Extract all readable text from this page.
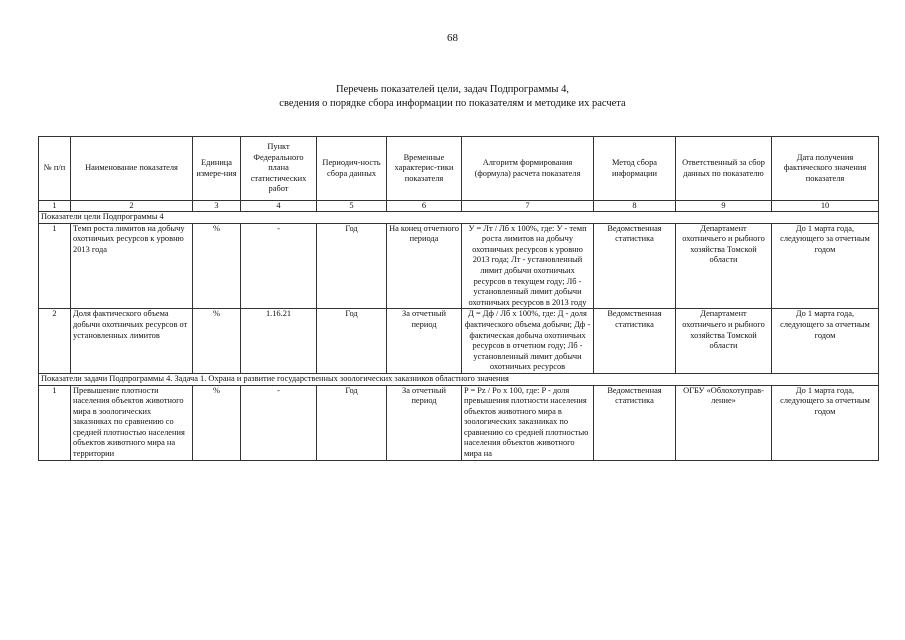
68
Перечень показателей цели, задач Подпрограммы 4,
сведения о порядке сбора информации по показателям и методике их расчета
№ п/п	Наименование показателя	Единица измере-ния	Пункт Федерального плана статистических работ	Периодич-ность сбора данных	Временные характерис-тики показателя	Алгоритм формирования (формула) расчета показателя	Метод сбора информации	Ответственный за сбор данных по показателю	Дата получения фактического значения показателя
1	2	3	4	5	6	7	8	9	10
Показатели цели Подпрограммы 4									
1	Темп роста лимитов на добычу охотничьих ресурсов к уровню 2013 года	%	-	Год	На конец отчетного периода	У = Лт / Лб х 100%, где: У - темп роста лимитов на добычу охотничьих ресурсов к уровню 2013 года; Лт - установленный лимит добычи охотничьих ресурсов в текущем году; Лб - установленный лимит добычи охотничьих ресурсов в 2013 году	Ведомственная статистика	Департамент охотничьего и рыбного хозяйства Томской области	До 1 марта года, следующего за отчетным годом
2	Доля фактического объема добычи охотничьих ресурсов от установленных лимитов	%	1.16.21	Год	За отчетный период	Д = Дф / Лб х 100%, где: Д - доля фактического объема добычи; Дф - фактическая добыча охотничьих ресурсов в отчетном году; Лб - установленный лимит добычи охотничьих ресурсов	Ведомственная статистика	Департамент охотничьего и рыбного хозяйства Томской области	До 1 марта года, следующего за отчетным годом
Показатели задачи Подпрограммы 4. Задача 1. Охрана и развитие государственных зоологических заказников областного значения									
1	Превышение плотности населения объектов животного мира в зоологических заказниках по сравнению со средней плотностью населения объектов животного мира на территории	%	-	Год	За отчетный период	P = Pz / Po x 100, где: P - доля превышения плотности населения объектов животного мира в зоологических заказниках по сравнению со средней плотностью населения объектов животного мира на	Ведомственная статистика	ОГБУ «Облохотуправ-ление»	До 1 марта года, следующего за отчетным годом
